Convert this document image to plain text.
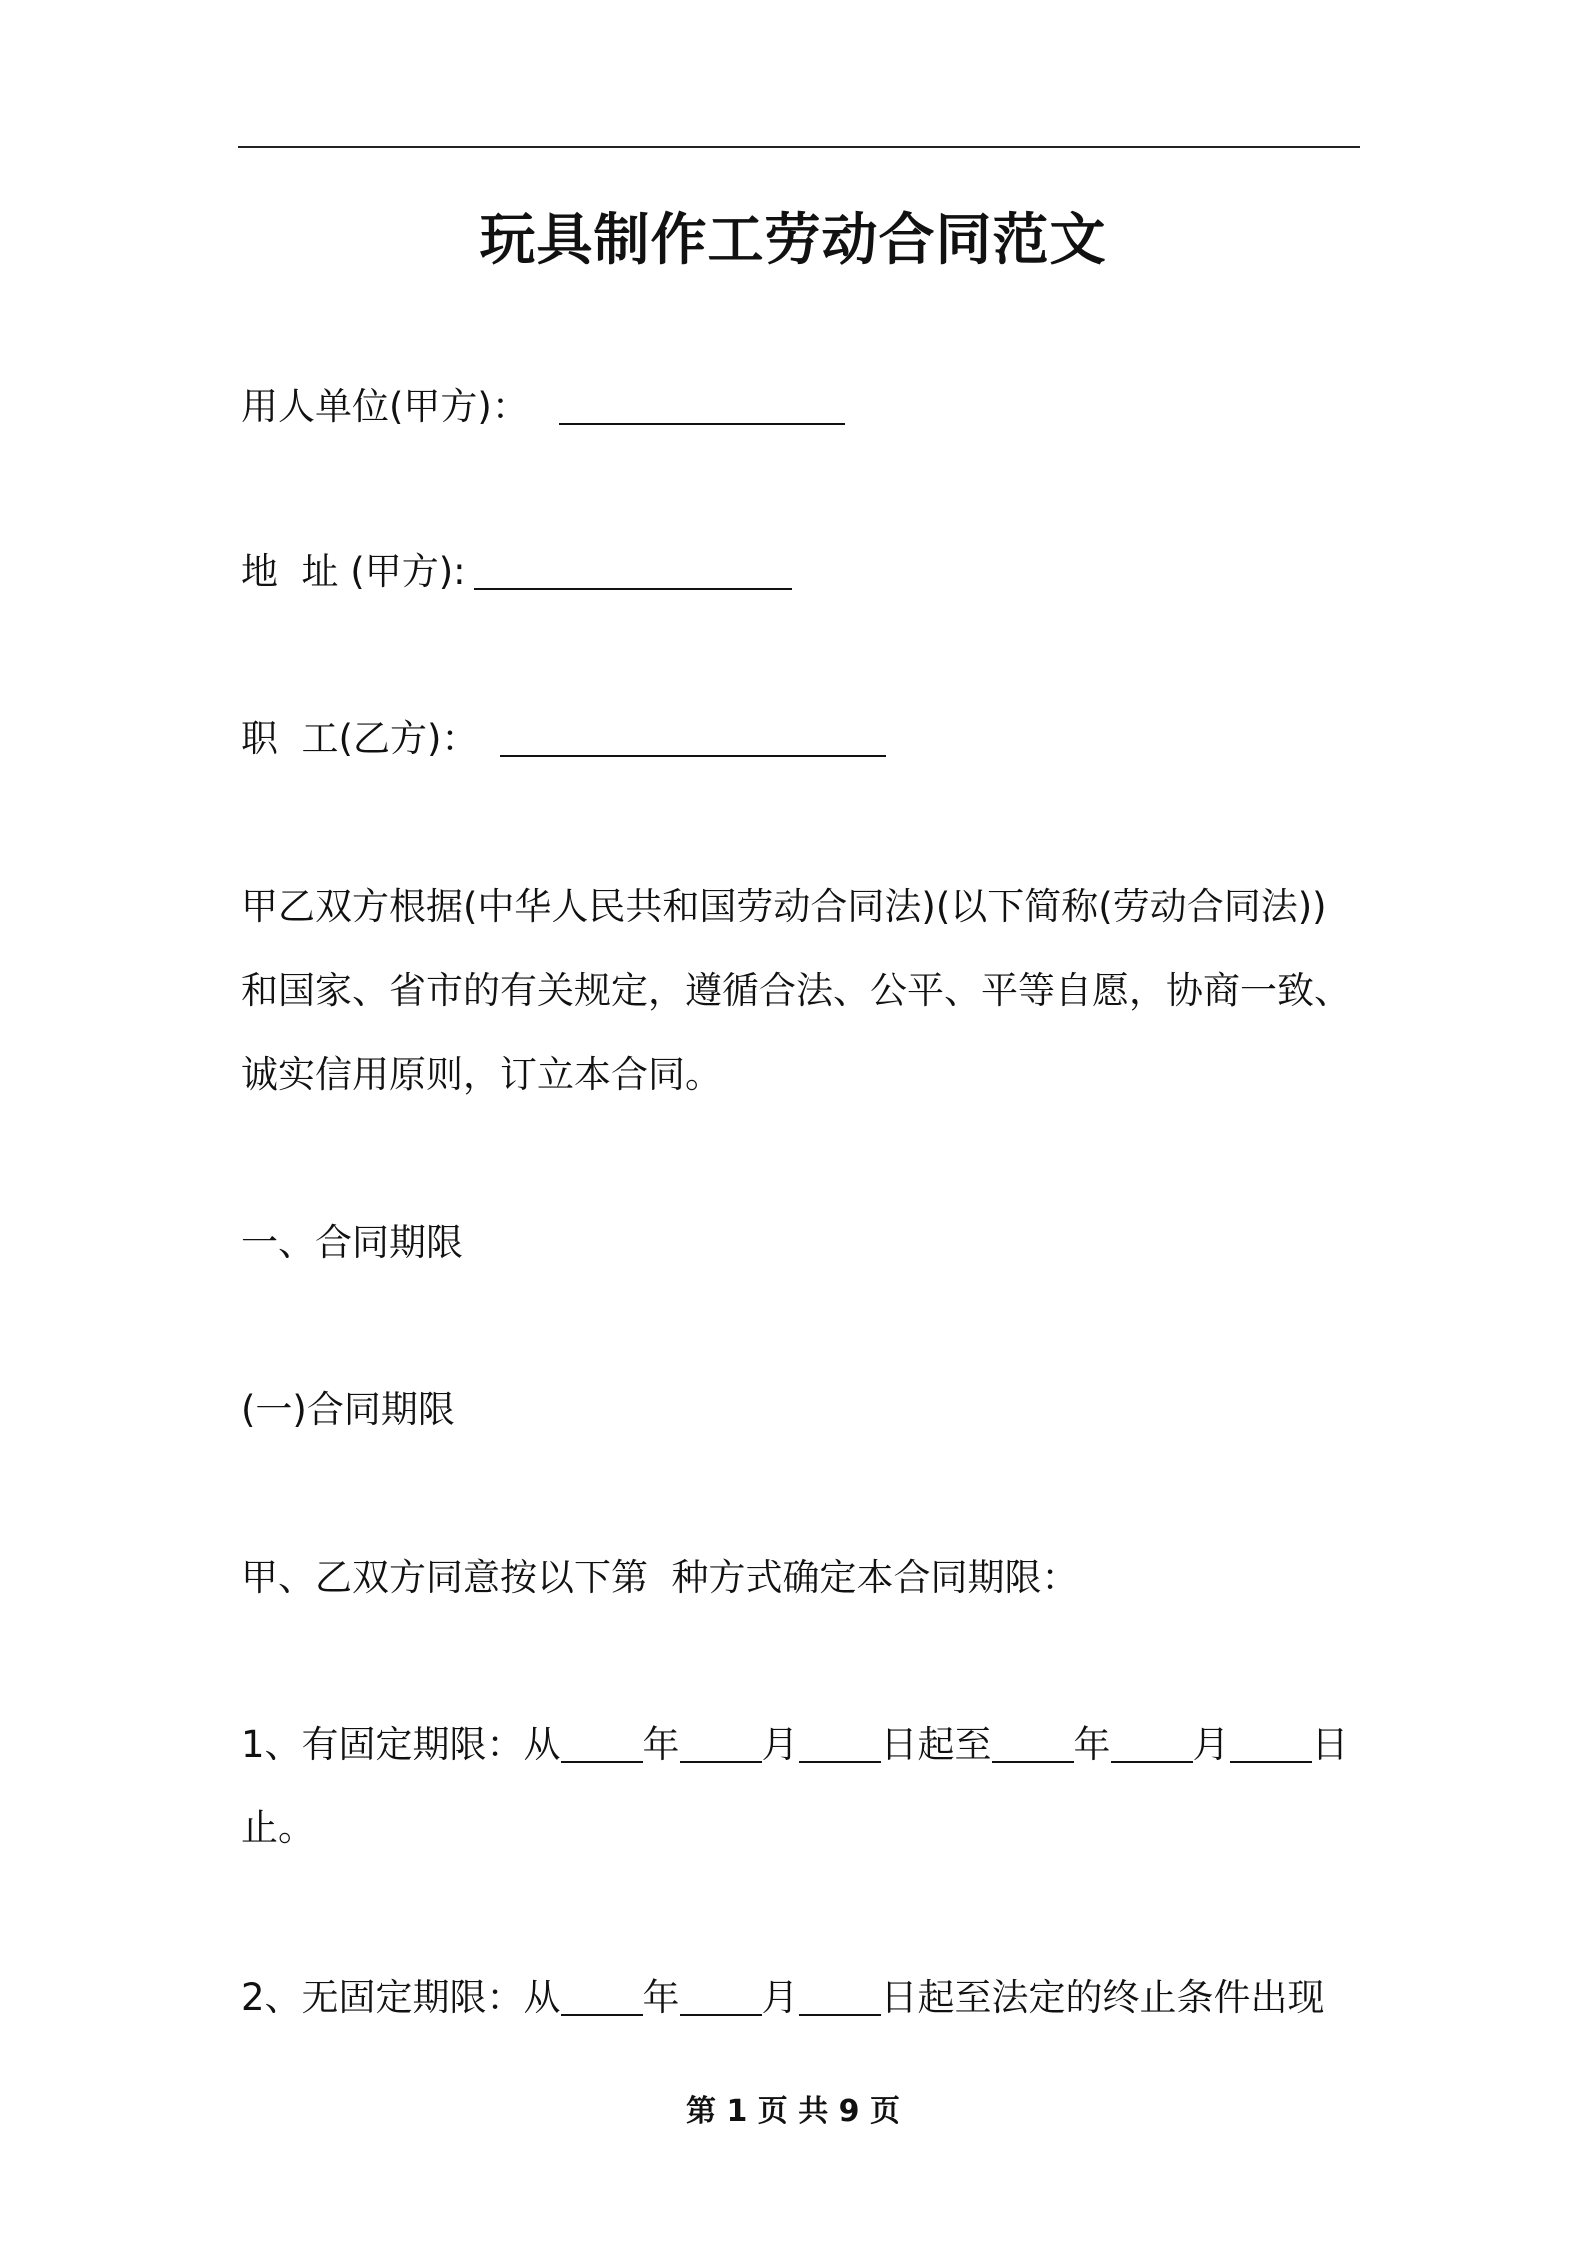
玩具制作工劳动合同范文
用人单位(甲方)：
地  址 (甲方):
职  工(乙方)：

甲乙双方根据(中华人民共和国劳动合同法)(以下简称(劳动合同法))和国家、省市的有关规定，遵循合法、公平、平等自愿，协商一致、诚实信用原则，订立本合同。

一、合同期限
(一)合同期限
甲、乙双方同意按以下第  种方式确定本合同期限：
1、有固定期限：从 年 月 日起至 年 月 日
止。
2、无固定期限：从 年 月 日起至法定的终止条件出现
第 1 页 共 9 页
